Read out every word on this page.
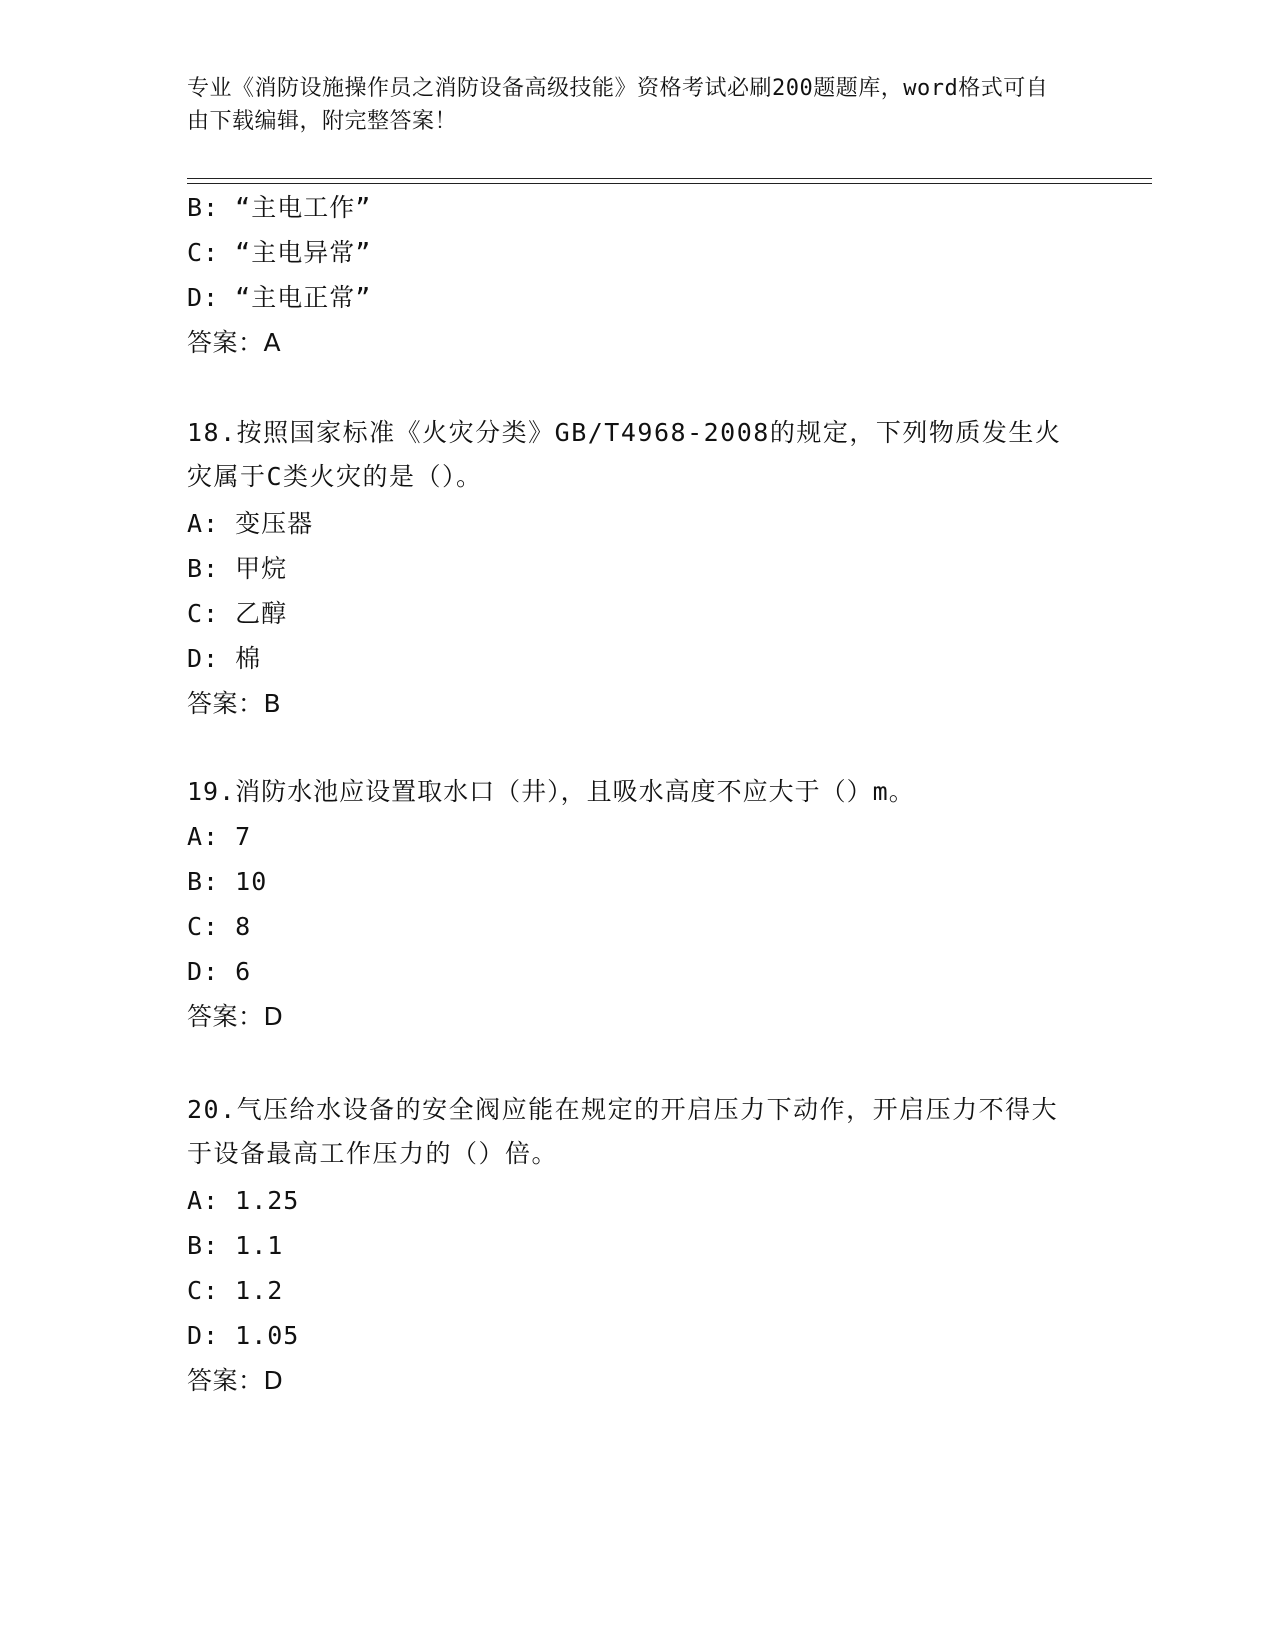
专业《消防设施操作员之消防设备高级技能》资格考试必刷200题题库，word格式可自由下载编辑，附完整答案！
B: “主电工作”
C: “主电异常”
D: “主电正常”
答案：A
18.按照国家标准《火灾分类》GB/T4968-2008的规定，下列物质发生火灾属于C类火灾的是（）。
A: 变压器
B: 甲烷
C: 乙醇
D: 棉
答案：B
19.消防水池应设置取水口（井），且吸水高度不应大于（）m。
A: 7
B: 10
C: 8
D: 6
答案：D
20.气压给水设备的安全阀应能在规定的开启压力下动作，开启压力不得大于设备最高工作压力的（）倍。
A: 1.25
B: 1.1
C: 1.2
D: 1.05
答案：D
